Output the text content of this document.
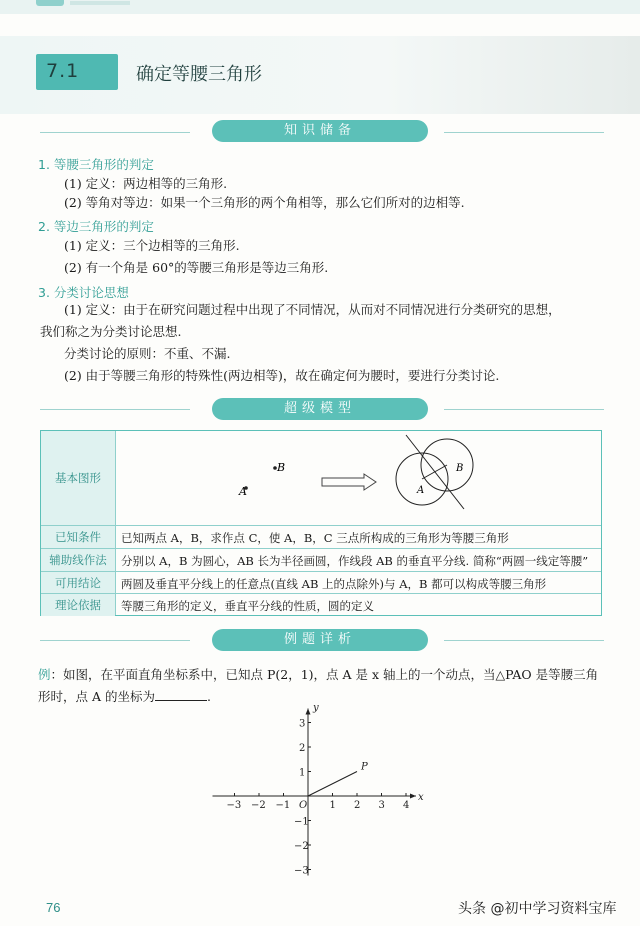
7.1	确定等腰三角形
知识储备
1. 等腰三角形的判定
(1) 定义：两边相等的三角形.
(2) 等角对等边：如果一个三角形的两个角相等，那么它们所对的边相等.
2. 等边三角形的判定
(1) 定义：三个边相等的三角形.
(2) 有一个角是 60°的等腰三角形是等边三角形.
3. 分类讨论思想
(1) 定义：由于在研究问题过程中出现了不同情况，从而对不同情况进行分类研究的思想，
我们称之为分类讨论思想.
分类讨论的原则：不重、不漏.
(2) 由于等腰三角形的特殊性(两边相等)，故在确定何为腰时，要进行分类讨论.
超级模型
基本图形
B
A
B
A
已知条件	已知两点 A，B，求作点 C，使 A，B，C 三点所构成的三角形为等腰三角形
辅助线作法	分别以 A，B 为圆心，AB 长为半径画圆，作线段 AB 的垂直平分线. 简称“两圆一线定等腰”
可用结论	两圆及垂直平分线上的任意点(直线 AB 上的点除外)与 A，B 都可以构成等腰三角形
理论依据	等腰三角形的定义，垂直平分线的性质，圆的定义
例题详析
例：如图，在平面直角坐标系中，已知点 P(2，1)，点 A 是 x 轴上的一个动点，当△PAO 是等腰三角
形时，点 A 的坐标为	.
x
y
O
−3 −2 −1	1 2 3 4
−3
−2
−1
1
2
3
P
76	头条 @初中学习资料宝库
